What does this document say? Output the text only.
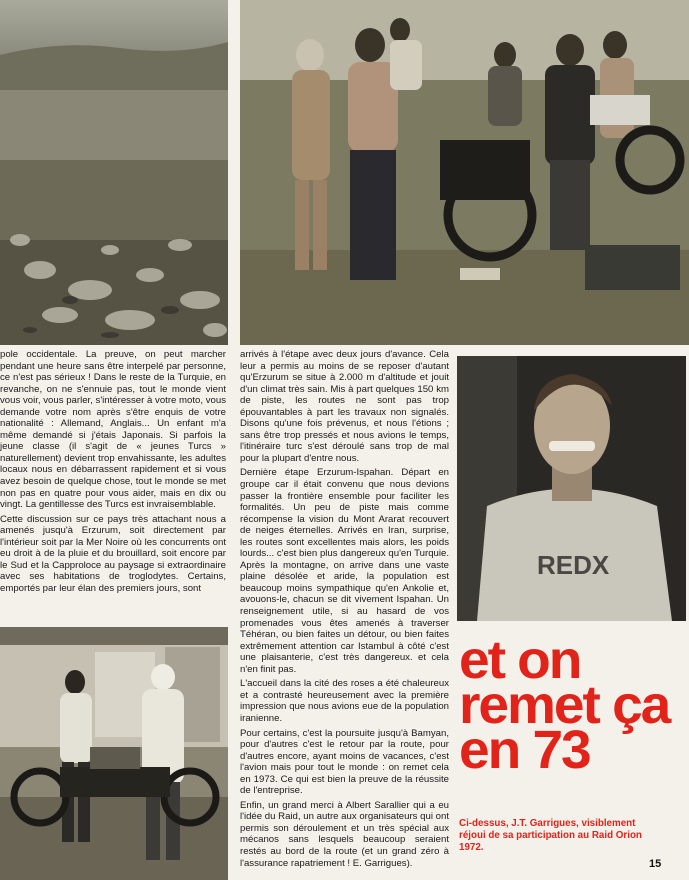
pole occidentale. La preuve, on peut marcher pendant une heure sans être interpelé par personne, ce n'est pas sérieux ! Dans le reste de la Turquie, en revanche, on ne s'ennuie pas, tout le monde vient vous voir, vous parler, s'intéresser à votre moto, vous demande votre nom après s'être enquis de votre nationalité : Allemand, Anglais... Un enfant m'a même demandé si j'étais Japonais. Si parfois la jeune classe (il s'agit de « jeunes Turcs » naturellement) devient trop envahissante, les adultes locaux nous en débarrassent rapidement et si vous avez besoin de quelque chose, tout le monde se met non pas en quatre pour vous aider, mais en dix ou vingt. La gentillesse des Turcs est invraisemblable.

Cette discussion sur ce pays très attachant nous a amenés jusqu'à Erzurum, soit directement par l'intérieur soit par la Mer Noire où les concurrents ont eu droit à de la pluie et du brouillard, soit encore par le Sud et la Capproloce au paysage si extraordinaire avec ses habitations de troglodytes. Certains, emportés par leur élan des premiers jours, sont

arrivés à l'étape avec deux jours d'avance. Cela leur a permis au moins de se reposer d'autant qu'Erzurum se situe à 2.000 m d'altitude et jouit d'un climat très sain. Mis à part quelques 150 km de piste, les routes ne sont pas trop épouvantables à part les travaux non signalés. Disons qu'une fois prévenus, et nous l'étions ; sans être trop pressés et nous avions le temps, l'itinéraire turc s'est déroulé sans trop de mal pour la plupart d'entre nous.

Dernière étape Erzurum-Ispahan. Départ en groupe car il était convenu que nous devions passer la frontière ensemble pour faciliter les formalités. Un peu de piste mais comme récompense la vision du Mont Ararat recouvert de neiges éternelles. Arrivés en Iran, surprise, les routes sont excellentes mais alors, les poids lourds... c'est bien plus dangereux qu'en Turquie. Après la montagne, on arrive dans une vaste plaine désolée et aride, la population est beaucoup moins sympathique qu'en Ankolie et, avouons-le, chacun se dit vivement Ispahan. Un renseignement utile, si au hasard de vos promenades vous êtes amenés à traverser Téhéran, ou bien faites un détour, ou bien faites extrêmement attention car Istambul à côté c'est une plaisanterie, c'est très dangereux. et cela n'en finit pas.

L'accueil dans la cité des roses a été chaleureux et a contrasté heureusement avec la première impression que nous avions eue de la population iranienne.

Pour certains, c'est la poursuite jusqu'à Bamyan, pour d'autres c'est le retour par la route, pour d'autres encore, ayant moins de vacances, c'est l'avion mais pour tout le monde : on remet cela en 1973. Ce qui est bien la preuve de la réussite de l'entreprise.

Enfin, un grand merci à Albert Sarallier qui a eu l'idée du Raid, un autre aux organisateurs qui ont permis son déroulement et un très spécial aux mécanos sans lesquels beaucoup seraient restés au bord de la route (et un grand zéro à l'assurance rapatriement ! E. Garrigues).

REDX
et on
remet ça
en 73
Ci-dessus, J.T. Garrigues, visiblement réjoui de sa participation au Raid Orion 1972.
15
